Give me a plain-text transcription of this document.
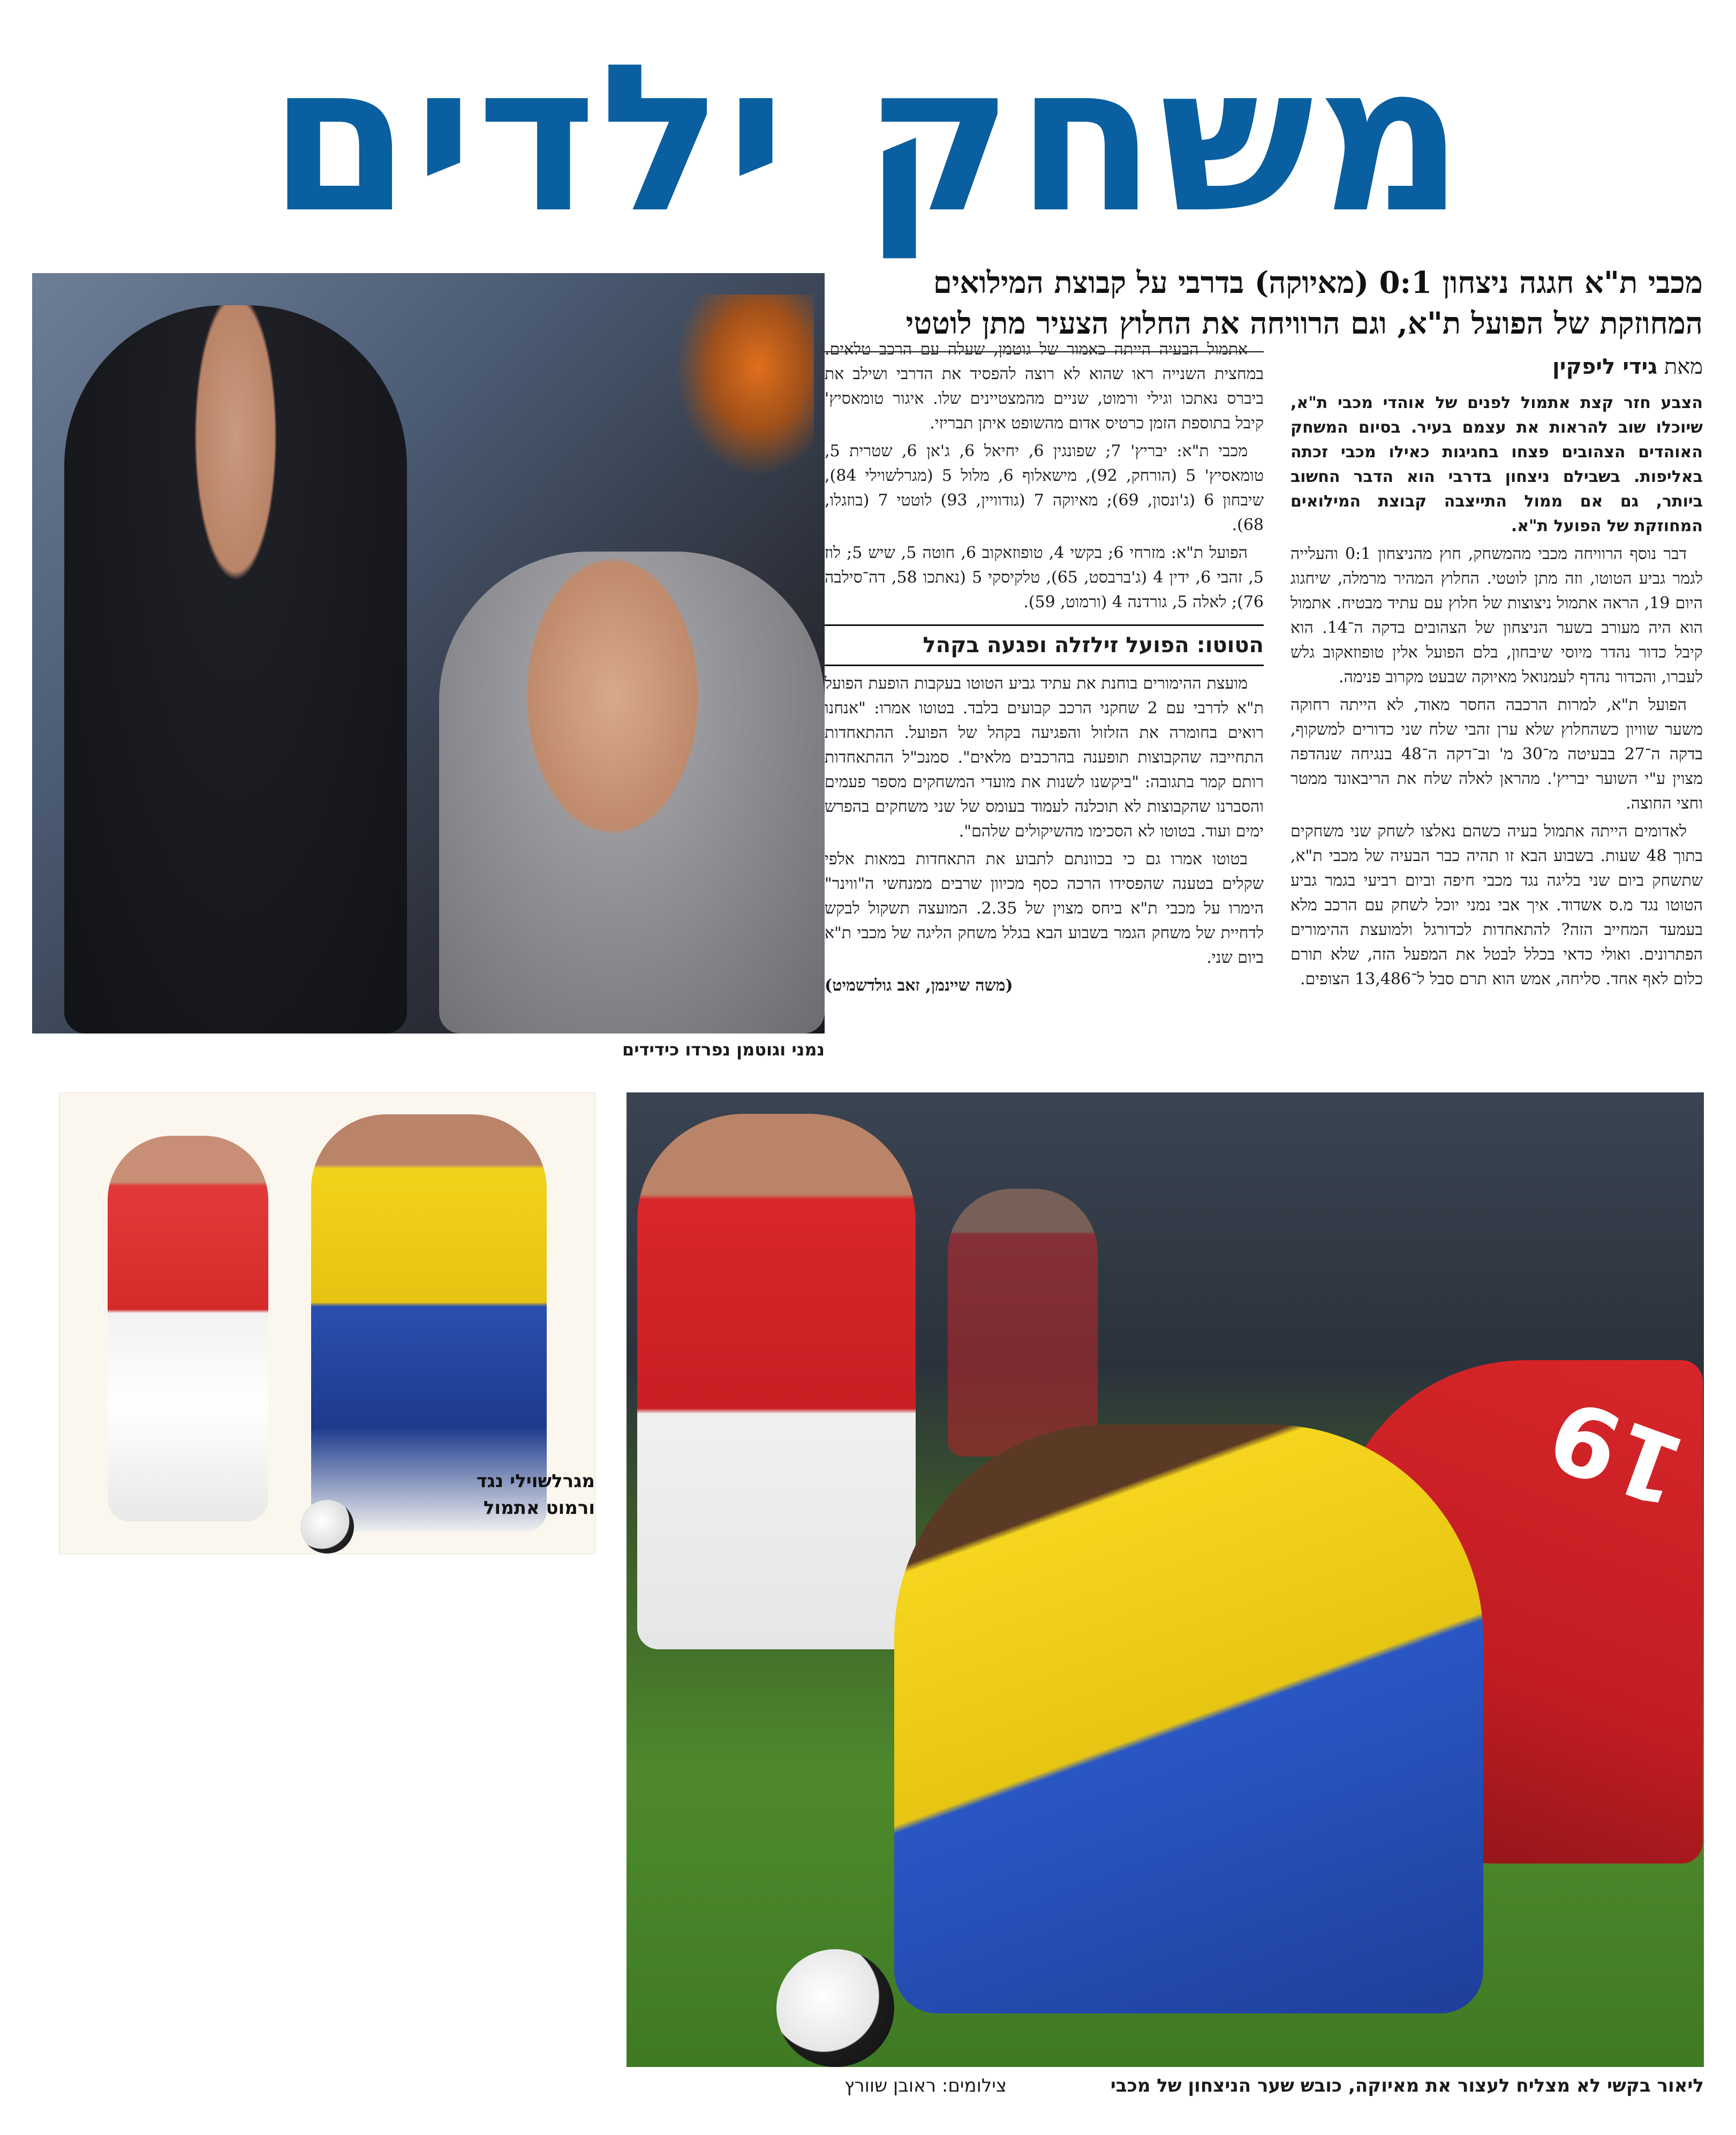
משחק ילדים
מכבי ת"א חגגה ניצחון 0:1 (מאיוקה) בדרבי על קבוצת המילואים המחוזקת של הפועל ת"א, וגם הרוויחה את החלוץ הצעיר מתן לוטטי
מאת גידי ליפקין

הצבע חזר קצת אתמול לפנים של אוהדי מכבי ת"א, שיוכלו שוב להראות את עצמם בעיר. בסיום המשחק האוהדים הצהובים פצחו בחגיגות כאילו מכבי זכתה באליפות. בשבילם ניצחון בדרבי הוא הדבר החשוב ביותר, גם אם ממול התייצבה קבוצת המילואים המחוזקת של הפועל ת"א.

דבר נוסף הרוויחה מכבי מהמשחק, חוץ מהניצחון 0:1 והעלייה לגמר גביע הטוטו, וזה מתן לוטטי. החלוץ המהיר מרמלה, שיחגוג היום 19, הראה אתמול ניצוצות של חלוץ עם עתיד מבטיח. אתמול הוא היה מעורב בשער הניצחון של הצהובים בדקה ה־14. הוא קיבל כדור נהדר מיוסי שיבחון, בלם הפועל אלין טופוזאקוב גלש לעברו, והכדור נהדף לעמנואל מאיוקה שבעט מקרוב פנימה.

הפועל ת"א, למרות הרכבה החסר מאוד, לא הייתה רחוקה משער שוויון כשהחלוץ שלא ערן זהבי שלח שני כדורים למשקוף, בדקה ה־27 בבעיטה מ־30 מ' וב־דקה ה־48 בנגיחה שנהדפה מצוין ע"י השוער יבריץ'. מהראן לאלה שלח את הריבאונד ממטר וחצי החוצה.

לאדומים הייתה אתמול בעיה כשהם נאלצו לשחק שני משחקים בתוך 48 שעות. בשבוע הבא זו תהיה כבר הבעיה של מכבי ת"א, שתשחק ביום שני בליגה נגד מכבי חיפה וביום רביעי בגמר גביע הטוטו נגד מ.ס אשדוד. איך אבי נמני יוכל לשחק עם הרכב מלא בעמעד המחייב הזה? להתאחדות לכדורגל ולמועצת ההימורים הפתרונים. ואולי כדאי בכלל לבטל את המפעל הזה, שלא תורם כלום לאף אחד. סליחה, אמש הוא תרם סבל ל־13,486 הצופים.

אתמול הבעיה הייתה כאמור של גוטמן, שעלה עם הרכב טלאים. במחצית השנייה ראו שהוא לא רוצה להפסיד את הדרבי ושילב את ביברס נאתכו וגילי ורמוט, שניים מהמצטיינים שלו. איגור טומאסיץ' קיבל בתוספת הזמן כרטיס אדום מהשופט איתן תבריזי.

מכבי ת"א: יבריץ' 7; שפונגין 6, יחיאל 6, ג'אן 6, שטרית 5, טומאסיץ' 5 (הורחק, 92), מישאלוף 6, מלול 5 (מגרלשוילי 84), שיבחון 6 (ג'ונסון, 69); מאיוקה 7 (גודוויין, 93) לוטטי 7 (בוזגלו, 68).

הפועל ת"א: מזרחי 6; בקשי 4, טופוזאקוב 6, חוטה 5, שיש 5; לוז 5, זהבי 6, ידין 4 (ג'ברבסט, 65), טלקיסקי 5 (נאתכו 58, דה־סילבה 76); לאלה 5, גורדנה 4 (ורמוט, 59).

הטוטו: הפועל זילזלה ופגעה בקהל

מועצת ההימורים בוחנת את עתיד גביע הטוטו בעקבות הופעת הפועל ת"א לדרבי עם 2 שחקני הרכב קבועים בלבד. בטוטו אמרו: "אנחנו רואים בחומרה את הזלזול והפגיעה בקהל של הפועל. ההתאחדות התחייבה שהקבוצות תופענה בהרכבים מלאים". סמנכ"ל ההתאחדות רותם קמר בתגובה: "ביקשנו לשנות את מועדי המשחקים מספר פעמים והסברנו שהקבוצות לא תוכלנה לעמוד בעומס של שני משחקים בהפרש ימים ועוד. בטוטו לא הסכימו מהשיקולים שלהם".

בטוטו אמרו גם כי בכוונתם לתבוע את התאחדות במאות אלפי שקלים בטענה שהפסידו הרכה כסף מכיוון שרבים ממנחשי ה"ווינר" הימרו על מכבי ת"א ביחס מצוין של 2.35. המועצה תשקול לבקש לדחיית של משחק הגמר בשבוע הבא בגלל משחק הליגה של מכבי ת"א ביום שני.

(משה שיינמן, זאב גולדשמיט)

נמני וגוטמן נפרדו כידידים
מגרלשוילי נגד ורמוט אתמול	19
ליאור בקשי לא מצליח לעצור את מאיוקה, כובש שער הניצחון של מכבי
צילומים: ראובן שוורץ
